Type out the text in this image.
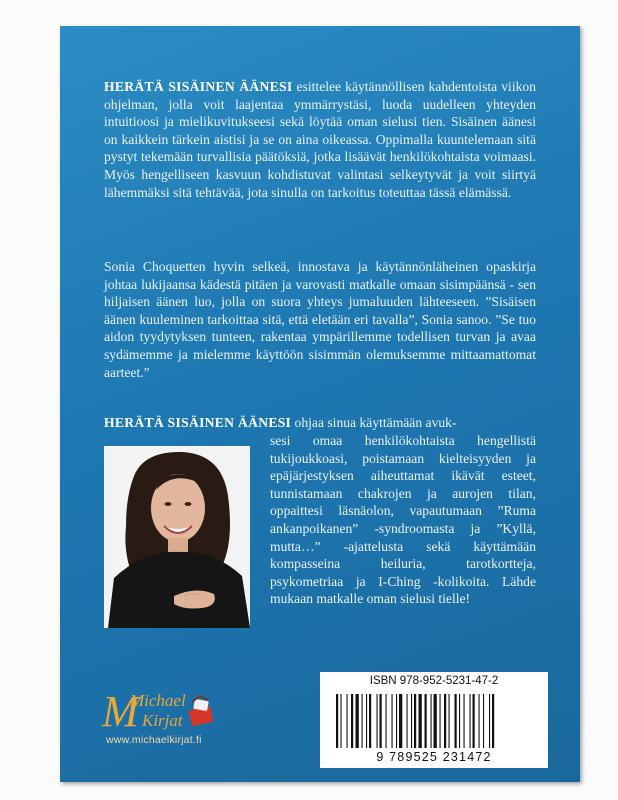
HERÄTÄ SISÄINEN ÄÄNESI esittelee käytännöllisen kahdentoista viikon ohjelman, jolla voit laajentaa ymmärrystäsi, luoda uudelleen yhteyden intuitioosi ja mielikuvitukseesi sekä löytää oman sielusi tien. Sisäinen äänesi on kaikkein tärkein aistisi ja se on aina oikeassa. Oppimalla kuuntelemaan sitä pystyt tekemään turvallisia päätöksiä, jotka lisäävät henkilökohtaista voimaasi. Myös hengelliseen kasvuun kohdistuvat valintasi selkeytyvät ja voit siirtyä lähemmäksi sitä tehtävää, jota sinulla on tarkoitus toteuttaa tässä elämässä.

Sonia Choquetten hyvin selkeä, innostava ja käytännönläheinen opaskirja johtaa lukijaansa kädestä pitäen ja varovasti matkalle omaan sisimpäänsä - sen hiljaisen äänen luo, jolla on suora yhteys jumaluuden lähteeseen. ”Sisäisen äänen kuuleminen tarkoittaa sitä, että eletään eri tavalla”, Sonia sanoo. ”Se tuo aidon tyydytyksen tunteen, rakentaa ympärillemme todellisen turvan ja avaa sydämemme ja mielemme käyttöön sisimmän olemuksemme mittaamattomat aarteet.”

HERÄTÄ SISÄINEN ÄÄNESI ohjaa sinua käyttämään avuk-

sesi omaa henkilökohtaista hengellistä tukijoukkoasi, poistamaan kielteisyyden ja epäjärjestyksen aiheuttamat ikävät esteet, tunnistamaan chakrojen ja aurojen tilan, oppaittesi läsnäolon, vapautumaan ”Ruma ankanpoikanen” -syndroomasta ja ”Kyllä, mutta…” -ajattelusta sekä käyttämään kompasseina heiluria, tarotkortteja, psykometriaa ja I-Ching -kolikoita. Lähde mukaan matkalle oman sielusi tielle!

M
Michael
Kirjat
www.michaelkirjat.fi
ISBN 978-952-5231-47-2
9 789525 231472
